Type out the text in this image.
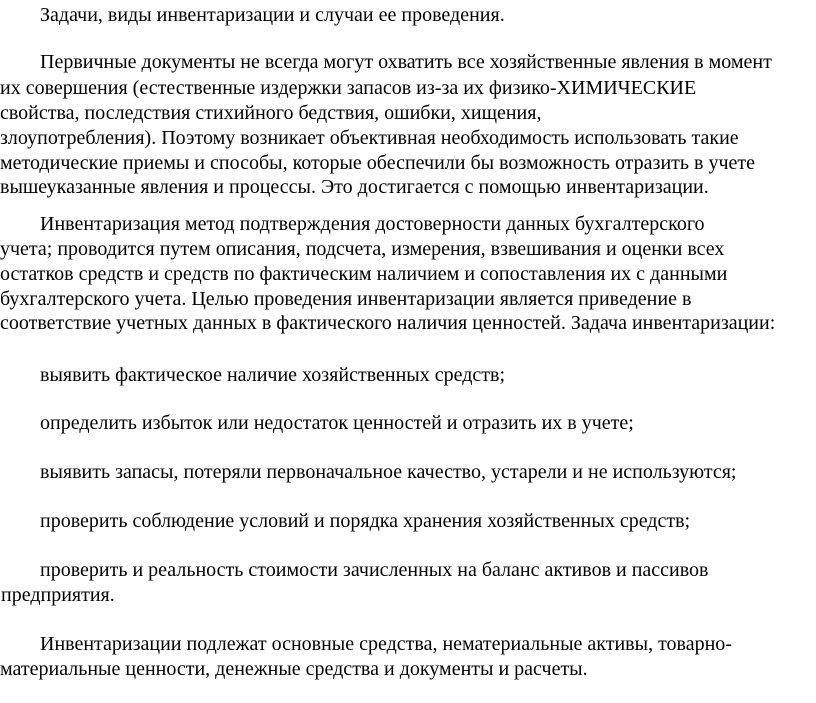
Задачи, виды инвентаризации и случаи ее проведения.

Первичные документы не всегда могут охватить все хозяйственные явления в момент

их совершения (естественные издержки запасов из-за их физико-ХИМИЧЕСКИЕ

свойства, последствия стихийного бедствия, ошибки, хищения,

злоупотребления). Поэтому возникает объективная необходимость использовать такие

методические приемы и способы, которые обеспечили бы возможность отразить в учете

вышеуказанные явления и процессы. Это достигается с помощью инвентаризации.

Инвентаризация метод подтверждения достоверности данных бухгалтерского

учета; проводится путем описания, подсчета, измерения, взвешивания и оценки всех

остатков средств и средств по фактическим наличием и сопоставления их с данными

бухгалтерского учета. Целью проведения инвентаризации является приведение в

соответствие учетных данных в фактического наличия ценностей. Задача инвентаризации:

выявить фактическое наличие хозяйственных средств;

определить избыток или недостаток ценностей и отразить их в учете;

выявить запасы, потеряли первоначальное качество, устарели и не используются;

проверить соблюдение условий и порядка хранения хозяйственных средств;

проверить и реальность стоимости зачисленных на баланс активов и пассивов

предприятия.

Инвентаризации подлежат основные средства, нематериальные активы, товарно-

материальные ценности, денежные средства и документы и расчеты.
